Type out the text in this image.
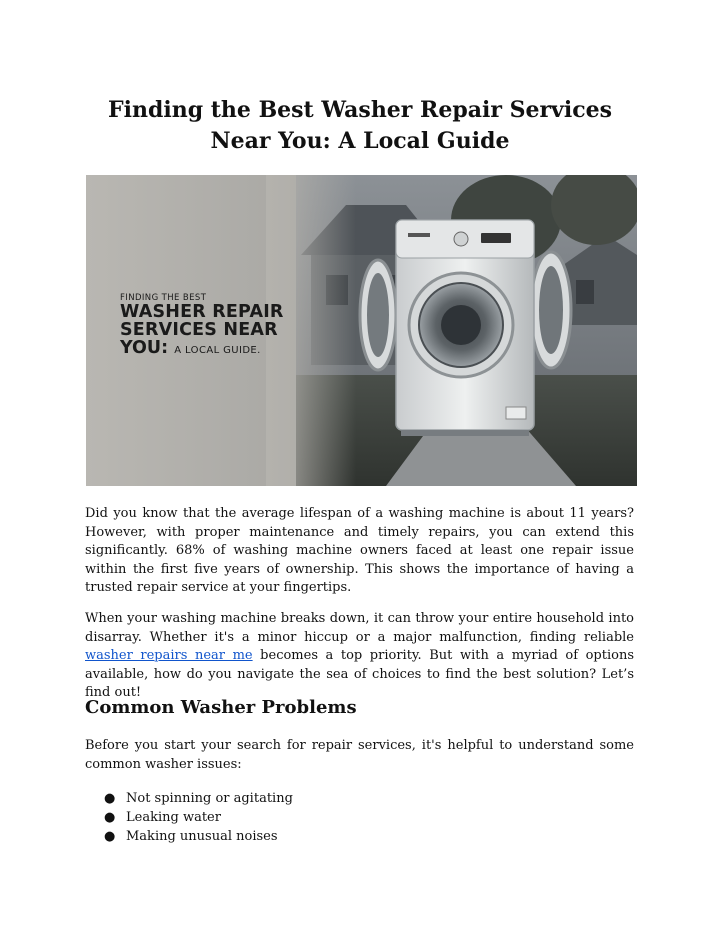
Finding the Best Washer Repair Services
Near You: A Local Guide
FINDING THE BEST
WASHER REPAIR
SERVICES NEAR
YOU: A LOCAL GUIDE.

Did you know that the average lifespan of a washing machine is about 11 years? However, with proper maintenance and timely repairs, you can extend this significantly. 68% of washing machine owners faced at least one repair issue within the first five years of ownership. This shows the importance of having a trusted repair service at your fingertips.

When your washing machine breaks down, it can throw your entire household into disarray. Whether it's a minor hiccup or a major malfunction, finding reliable washer repairs near me becomes a top priority. But with a myriad of options available, how do you navigate the sea of choices to find the best solution? Let’s find out!

Common Washer Problems

Before you start your search for repair services, it's helpful to understand some common washer issues:

● Not spinning or agitating
● Leaking water
● Making unusual noises
